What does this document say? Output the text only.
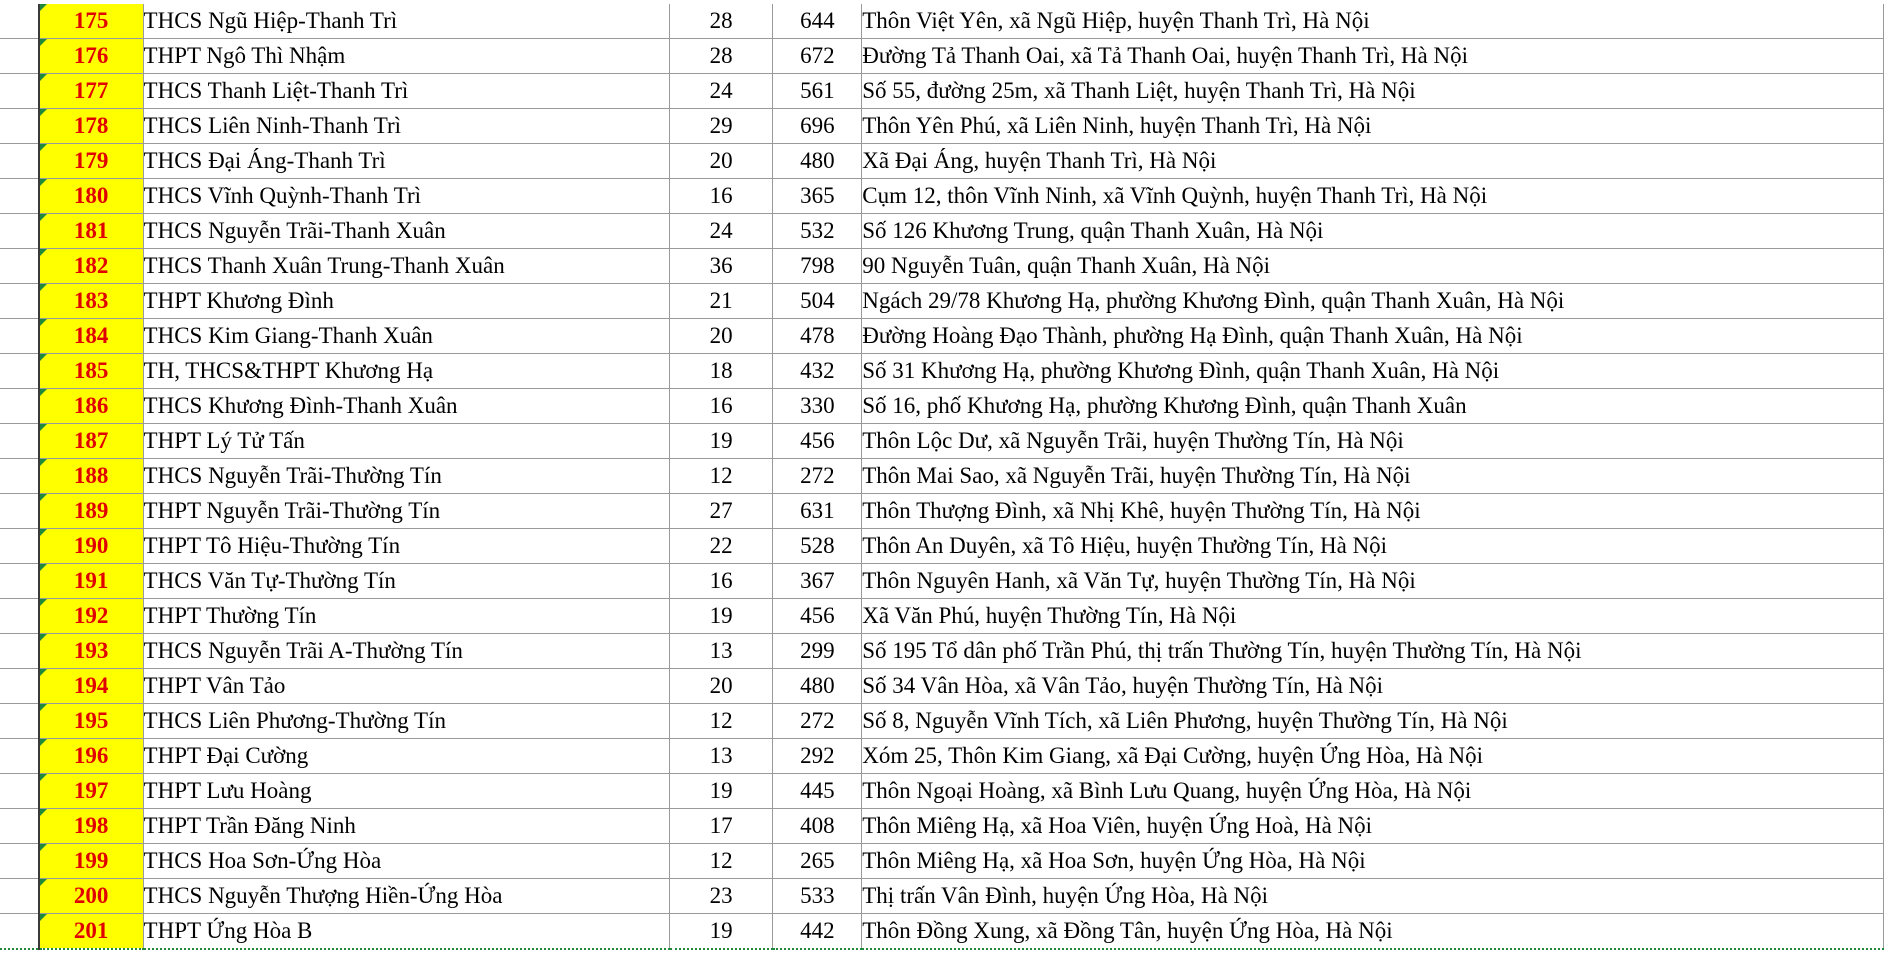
	175	THCS Ngũ Hiệp-Thanh Trì	28	644	Thôn Việt Yên, xã Ngũ Hiệp, huyện Thanh Trì, Hà Nội
	176	THPT Ngô Thì Nhậm	28	672	Đường Tả Thanh Oai, xã Tả Thanh Oai, huyện Thanh Trì, Hà Nội
	177	THCS Thanh Liệt-Thanh Trì	24	561	Số 55, đường 25m, xã Thanh Liệt, huyện Thanh Trì, Hà Nội
	178	THCS Liên Ninh-Thanh Trì	29	696	Thôn Yên Phú, xã Liên Ninh, huyện Thanh Trì, Hà Nội
	179	THCS Đại Áng-Thanh Trì	20	480	Xã Đại Áng, huyện Thanh Trì, Hà Nội
	180	THCS Vĩnh Quỳnh-Thanh Trì	16	365	Cụm 12, thôn Vĩnh Ninh, xã Vĩnh Quỳnh, huyện Thanh Trì, Hà Nội
	181	THCS Nguyễn Trãi-Thanh Xuân	24	532	Số 126 Khương Trung, quận Thanh Xuân, Hà Nội
	182	THCS Thanh Xuân Trung-Thanh Xuân	36	798	90 Nguyễn Tuân, quận Thanh Xuân, Hà Nội
	183	THPT Khương Đình	21	504	Ngách 29/78 Khương Hạ, phường Khương Đình, quận Thanh Xuân, Hà Nội
	184	THCS Kim Giang-Thanh Xuân	20	478	Đường Hoàng Đạo Thành, phường Hạ Đình, quận Thanh Xuân, Hà Nội
	185	TH, THCS&THPT Khương Hạ	18	432	Số 31 Khương Hạ, phường Khương Đình, quận Thanh Xuân, Hà Nội
	186	THCS Khương Đình-Thanh Xuân	16	330	Số 16, phố Khương Hạ, phường Khương Đình, quận Thanh Xuân
	187	THPT Lý Tử Tấn	19	456	Thôn Lộc Dư, xã Nguyễn Trãi, huyện Thường Tín, Hà Nội
	188	THCS Nguyễn Trãi-Thường Tín	12	272	Thôn Mai Sao, xã Nguyễn Trãi, huyện Thường Tín, Hà Nội
	189	THPT Nguyễn Trãi-Thường Tín	27	631	Thôn Thượng Đình, xã Nhị Khê, huyện Thường Tín, Hà Nội
	190	THPT Tô Hiệu-Thường Tín	22	528	Thôn An Duyên, xã Tô Hiệu, huyện Thường Tín, Hà Nội
	191	THCS Văn Tự-Thường Tín	16	367	Thôn Nguyên Hanh, xã Văn Tự, huyện Thường Tín, Hà Nội
	192	THPT Thường Tín	19	456	Xã Văn Phú, huyện Thường Tín, Hà Nội
	193	THCS Nguyễn Trãi A-Thường Tín	13	299	Số 195 Tổ dân phố Trần Phú, thị trấn Thường Tín, huyện Thường Tín, Hà Nội
	194	THPT Vân Tảo	20	480	Số 34 Vân Hòa, xã Vân Tảo, huyện Thường Tín, Hà Nội
	195	THCS Liên Phương-Thường Tín	12	272	Số 8, Nguyễn Vĩnh Tích, xã Liên Phương, huyện Thường Tín, Hà Nội
	196	THPT Đại Cường	13	292	Xóm 25, Thôn Kim Giang, xã Đại Cường, huyện Ứng Hòa, Hà Nội
	197	THPT Lưu Hoàng	19	445	Thôn Ngoại Hoàng, xã Bình Lưu Quang, huyện Ứng Hòa, Hà Nội
	198	THPT Trần Đăng Ninh	17	408	Thôn Miêng Hạ, xã Hoa Viên, huyện Ứng Hoà, Hà Nội
	199	THCS Hoa Sơn-Ứng Hòa	12	265	Thôn Miêng Hạ, xã Hoa Sơn, huyện Ứng Hòa, Hà Nội
	200	THCS Nguyễn Thượng Hiền-Ứng Hòa	23	533	Thị trấn Vân Đình, huyện Ứng Hòa, Hà Nội
	201	THPT Ứng Hòa B	19	442	Thôn Đồng Xung, xã Đồng Tân, huyện Ứng Hòa, Hà Nội
